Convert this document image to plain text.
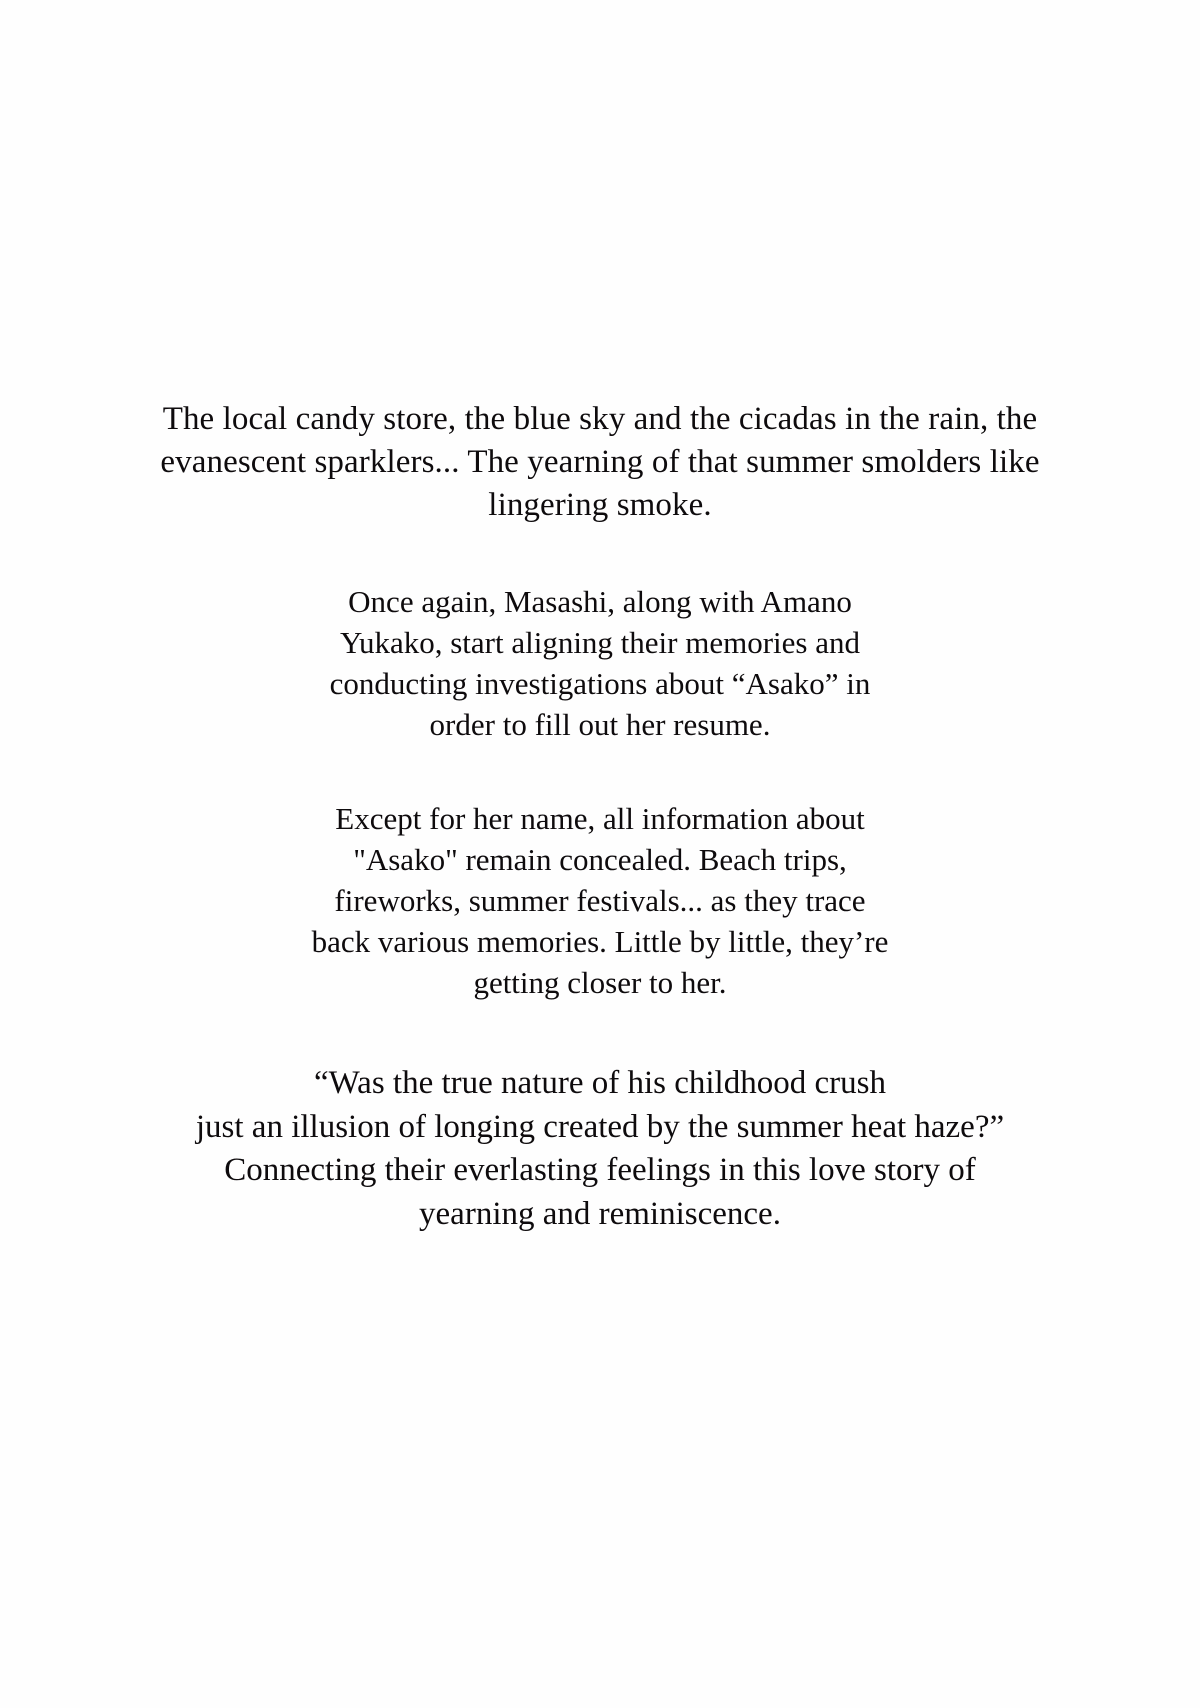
The local candy store, the blue sky and the cicadas in the rain, the
evanescent sparklers... The yearning of that summer smolders like
lingering smoke.
Once again, Masashi, along with Amano
Yukako, start aligning their memories and
conducting investigations about “Asako” in
order to fill out her resume.
Except for her name, all information about
"Asako" remain concealed. Beach trips,
fireworks, summer festivals... as they trace
back various memories. Little by little, they’re
getting closer to her.
“Was the true nature of his childhood crush
just an illusion of longing created by the summer heat haze?”
Connecting their everlasting feelings in this love story of
yearning and reminiscence.
